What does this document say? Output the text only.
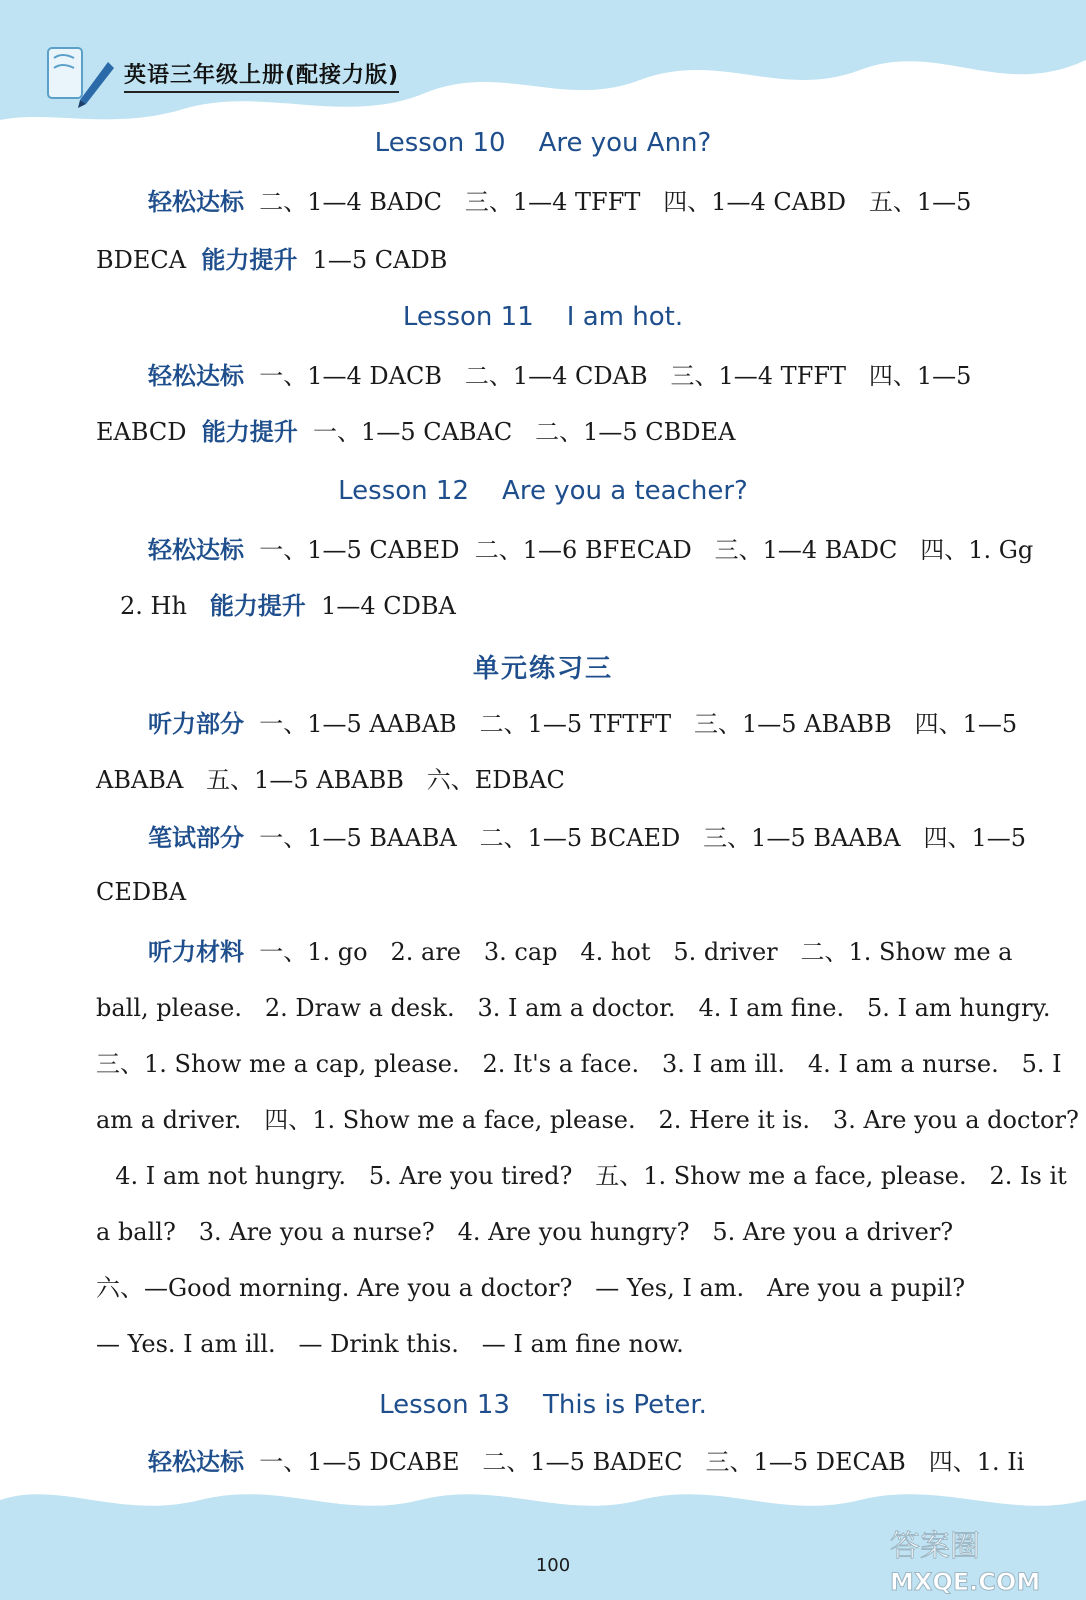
英语三年级上册(配接力版)
Lesson 10    Are you Ann?
轻松达标  二、1—4 BADC   三、1—4 TFFT   四、1—4 CABD   五、1—5
BDECA  能力提升  1—5 CADB
Lesson 11    I am hot.
轻松达标  一、1—4 DACB   二、1—4 CDAB   三、1—4 TFFT   四、1—5
EABCD  能力提升  一、1—5 CABAC   二、1—5 CBDEA
Lesson 12    Are you a teacher?
轻松达标  一、1—5 CABED  二、1—6 BFECAD   三、1—4 BADC   四、1. Gg
2. Hh   能力提升  1—4 CDBA
单元练习三
听力部分  一、1—5 AABAB   二、1—5 TFTFT   三、1—5 ABABB   四、1—5
ABABA   五、1—5 ABABB   六、EDBAC
笔试部分  一、1—5 BAABA   二、1—5 BCAED   三、1—5 BAABA   四、1—5
CEDBA
听力材料  一、1. go   2. are   3. cap   4. hot   5. driver   二、1. Show me a
ball, please.   2. Draw a desk.   3. I am a doctor.   4. I am fine.   5. I am hungry.
三、1. Show me a cap, please.   2. It's a face.   3. I am ill.   4. I am a nurse.   5. I
am a driver.   四、1. Show me a face, please.   2. Here it is.   3. Are you a doctor?
4. I am not hungry.   5. Are you tired?   五、1. Show me a face, please.   2. Is it
a ball?   3. Are you a nurse?   4. Are you hungry?   5. Are you a driver?
六、—Good morning. Are you a doctor?   — Yes, I am.   Are you a pupil?
— Yes. I am ill.   — Drink this.   — I am fine now.
Lesson 13    This is Peter.
轻松达标  一、1—5 DCABE   二、1—5 BADEC   三、1—5 DECAB   四、1. Ii
100
答案圈
MXQE.COM
